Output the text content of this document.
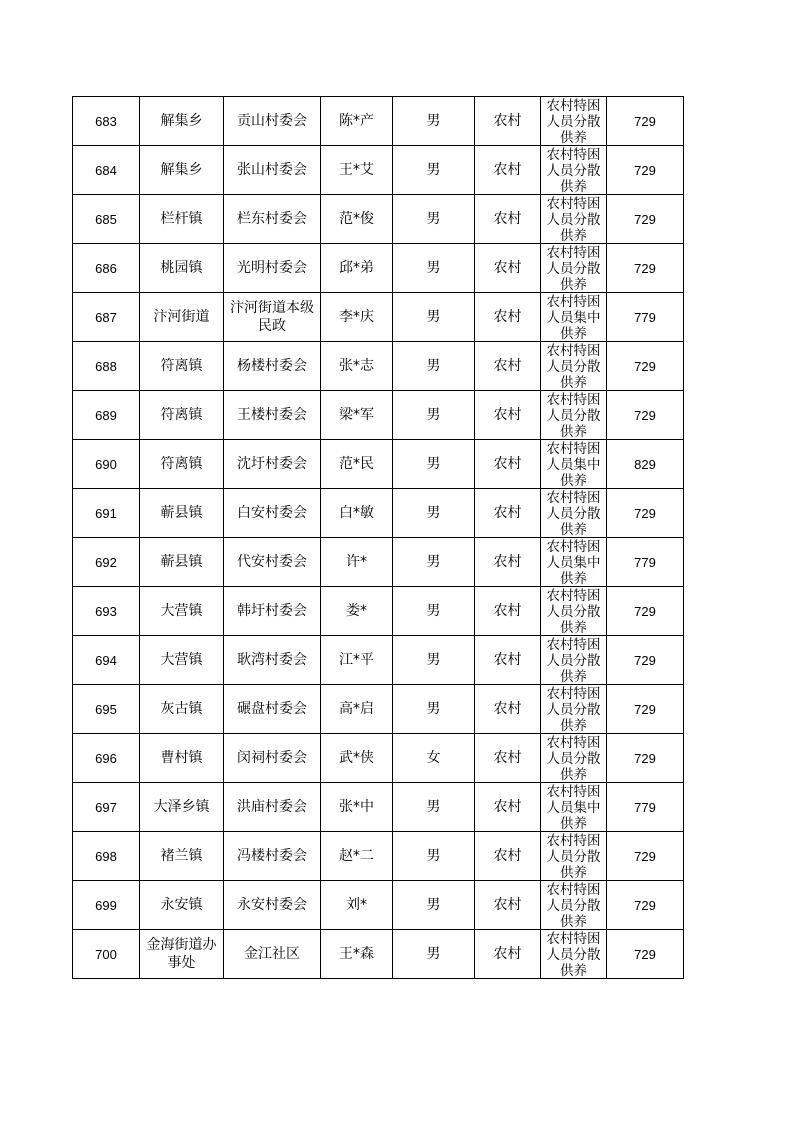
683	解集乡	贡山村委会	陈*产	男	农村	农村特困人员分散供养	729
684	解集乡	张山村委会	王*艾	男	农村	农村特困人员分散供养	729
685	栏杆镇	栏东村委会	范*俊	男	农村	农村特困人员分散供养	729
686	桃园镇	光明村委会	邱*弟	男	农村	农村特困人员分散供养	729
687	汴河街道	汴河街道本级民政	李*庆	男	农村	农村特困人员集中供养	779
688	符离镇	杨楼村委会	张*志	男	农村	农村特困人员分散供养	729
689	符离镇	王楼村委会	梁*军	男	农村	农村特困人员分散供养	729
690	符离镇	沈圩村委会	范*民	男	农村	农村特困人员集中供养	829
691	蕲县镇	白安村委会	白*敏	男	农村	农村特困人员分散供养	729
692	蕲县镇	代安村委会	许*	男	农村	农村特困人员集中供养	779
693	大营镇	韩圩村委会	娄*	男	农村	农村特困人员分散供养	729
694	大营镇	耿湾村委会	江*平	男	农村	农村特困人员分散供养	729
695	灰古镇	碾盘村委会	高*启	男	农村	农村特困人员分散供养	729
696	曹村镇	闵祠村委会	武*侠	女	农村	农村特困人员分散供养	729
697	大泽乡镇	洪庙村委会	张*中	男	农村	农村特困人员集中供养	779
698	褚兰镇	冯楼村委会	赵*二	男	农村	农村特困人员分散供养	729
699	永安镇	永安村委会	刘*	男	农村	农村特困人员分散供养	729
700	金海街道办事处	金江社区	王*森	男	农村	农村特困人员分散供养	729
